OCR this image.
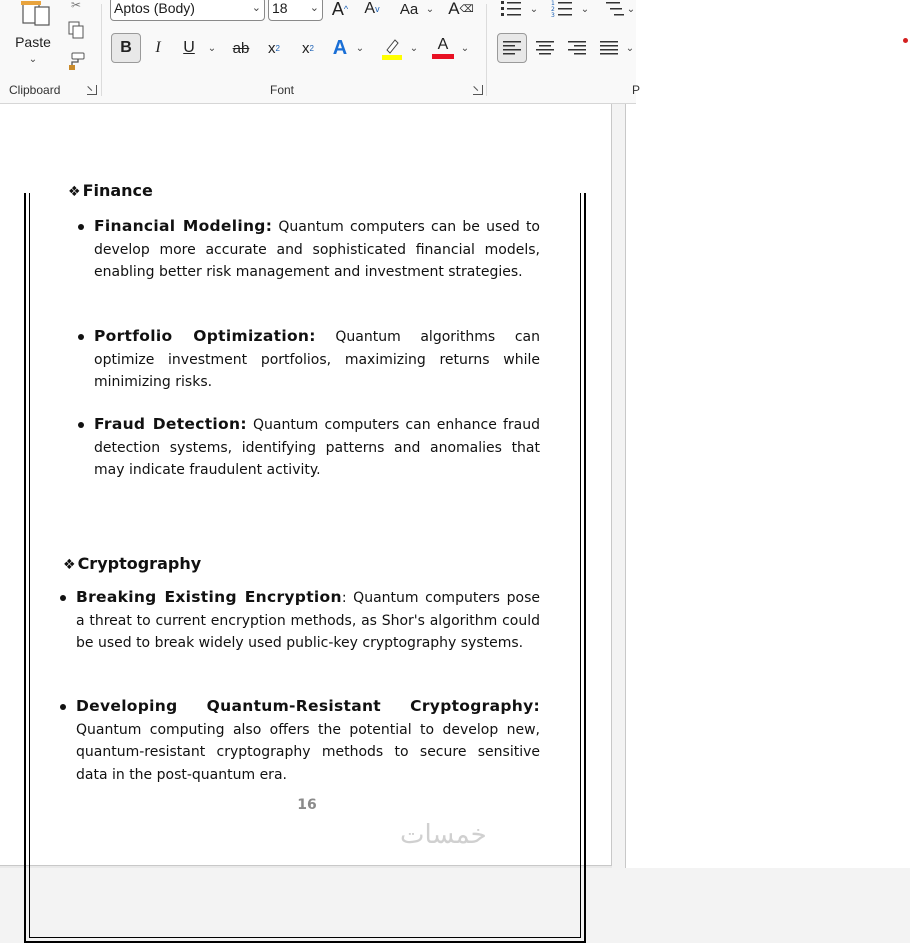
❖ Finance
Financial Modeling: Quantum computers can be used to develop more accurate and sophisticated financial models, enabling better risk management and investment strategies.
Portfolio Optimization: Quantum algorithms can optimize investment portfolios, maximizing returns while minimizing risks.
Fraud Detection: Quantum computers can enhance fraud detection systems, identifying patterns and anomalies that may indicate fraudulent activity.
❖ Cryptography
Breaking Existing Encryption: Quantum computers pose a threat to current encryption methods, as Shor's algorithm could be used to break widely used public-key cryptography systems.
Developing Quantum-Resistant Cryptography: Quantum computing also offers the potential to develop new, quantum-resistant cryptography methods to secure sensitive data in the post-quantum era.
16
خمسات
Paste
⌄
✂
Clipboard
Aptos (Body)	⌄ 18 ⌄ A ^ A v Aa ⌄ A ⌫
B	I	U	⌄ ab x 2 x 2 A ⌄	⌄ A ⌄
Font
⌄	1
2
3
⌄	⌄
⌄
P
